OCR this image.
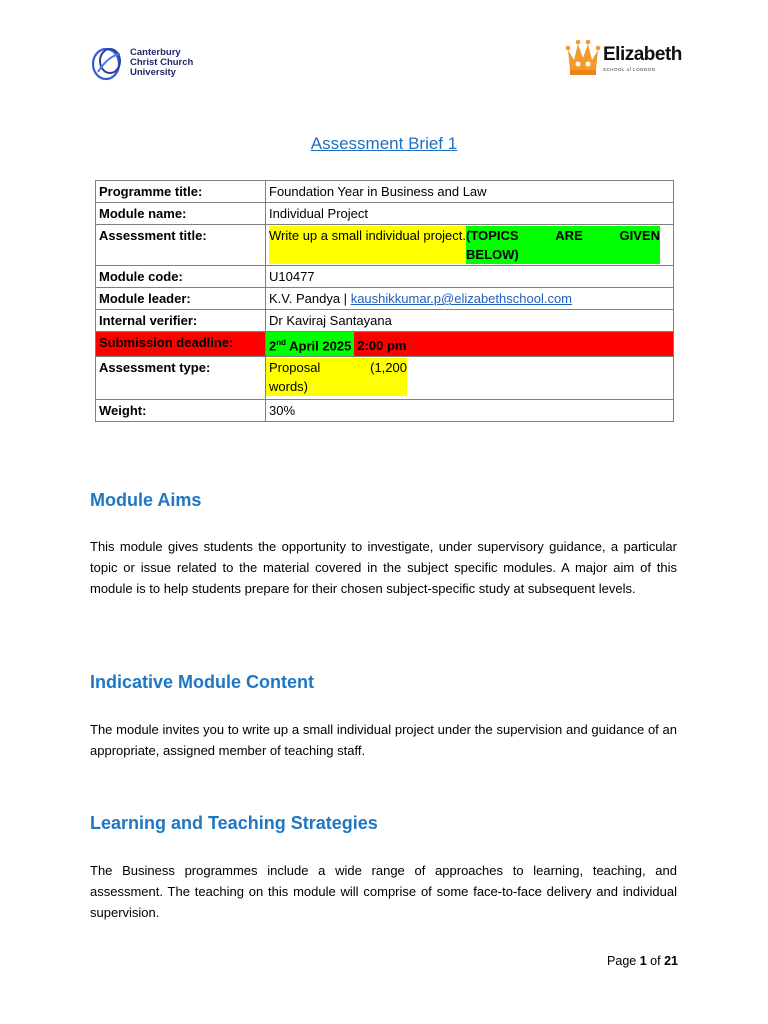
Canterbury
Christ Church
University
Elizabeth
SCHOOL of LONDON
Assessment Brief 1
Programme title:	Foundation Year in Business and Law
Module name:	Individual Project
Assessment title:	Write up a small individual project. (TOPICS ARE GIVEN
BELOW)

Module code:	U10477
Module leader:	K.V. Pandya | kaushikkumar.p@elizabethschool.com
Internal verifier:	Dr Kaviraj Santayana
Submission deadline:	2nd April 2025 2:00 pm
Assessment type:	Proposal (1,200
words)
Weight:	30%
Module Aims

This module gives students the opportunity to investigate, under supervisory guidance, a particular topic or issue related to the material covered in the subject specific modules. A major aim of this module is to help students prepare for their chosen subject-specific study at subsequent levels.

Indicative Module Content

The module invites you to write up a small individual project under the supervision and guidance of an appropriate, assigned member of teaching staff.

Learning and Teaching Strategies

The Business programmes include a wide range of approaches to learning, teaching, and assessment. The teaching on this module will comprise of some face-to-face delivery and individual supervision.

Page 1 of 21
